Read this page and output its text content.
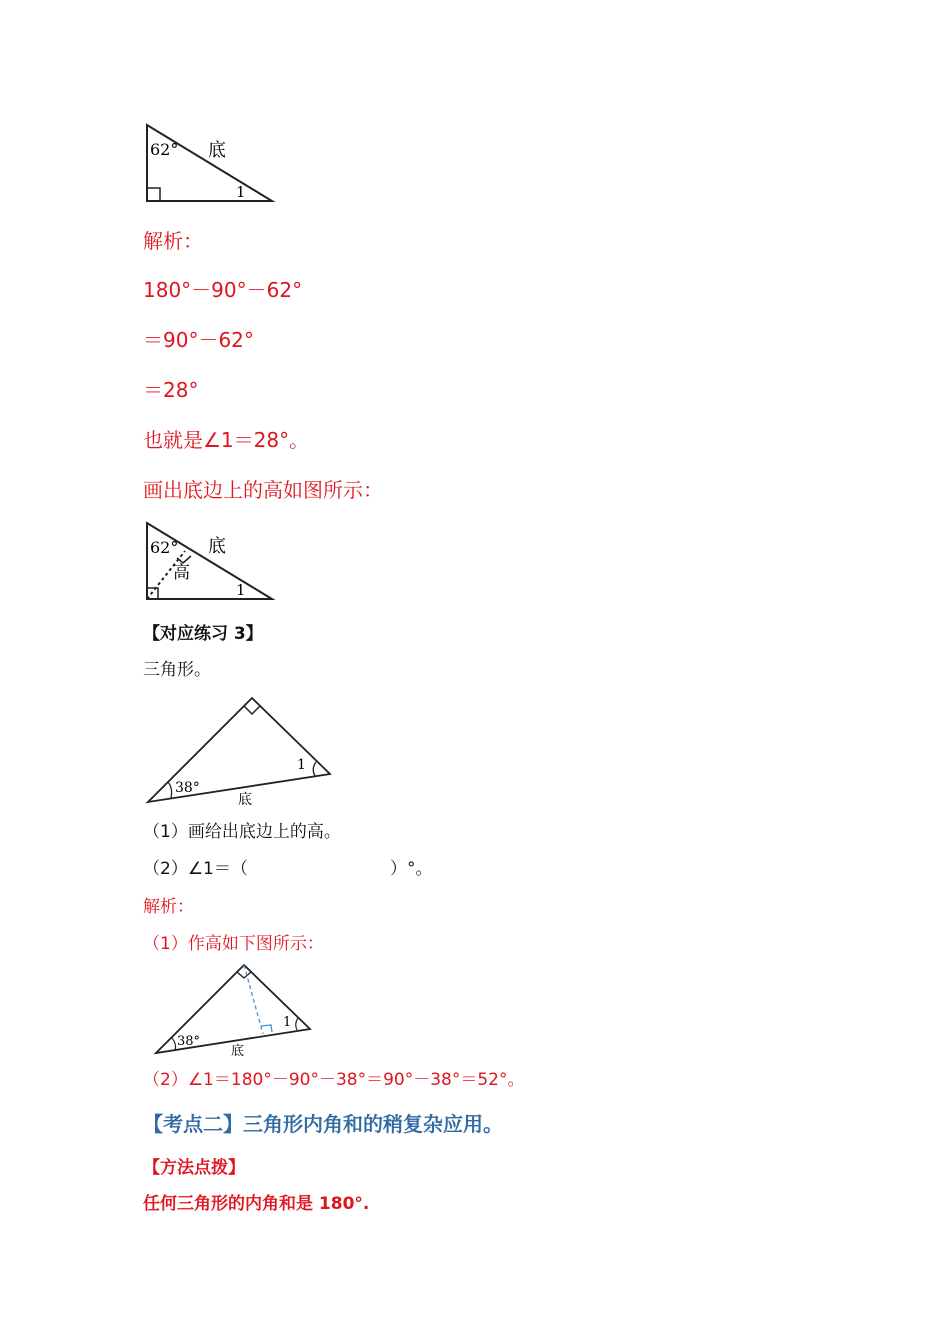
62° 底
1
解析：
180°－90°－62°
＝90°－62°
＝28°
也就是∠1＝28°。
画出底边上的高如图所示：
62° 底
高
1
【对应练习 3】
三角形。
38°
1
底
（1）画给出底边上的高。
（2）∠1＝（	）°。
解析：
（1）作高如下图所示：
38°
1
底
（2）∠1＝180°－90°－38°＝90°－38°＝52°。
【考点二】三角形内角和的稍复杂应用。
【方法点拨】
任何三角形的内角和是 180°.
